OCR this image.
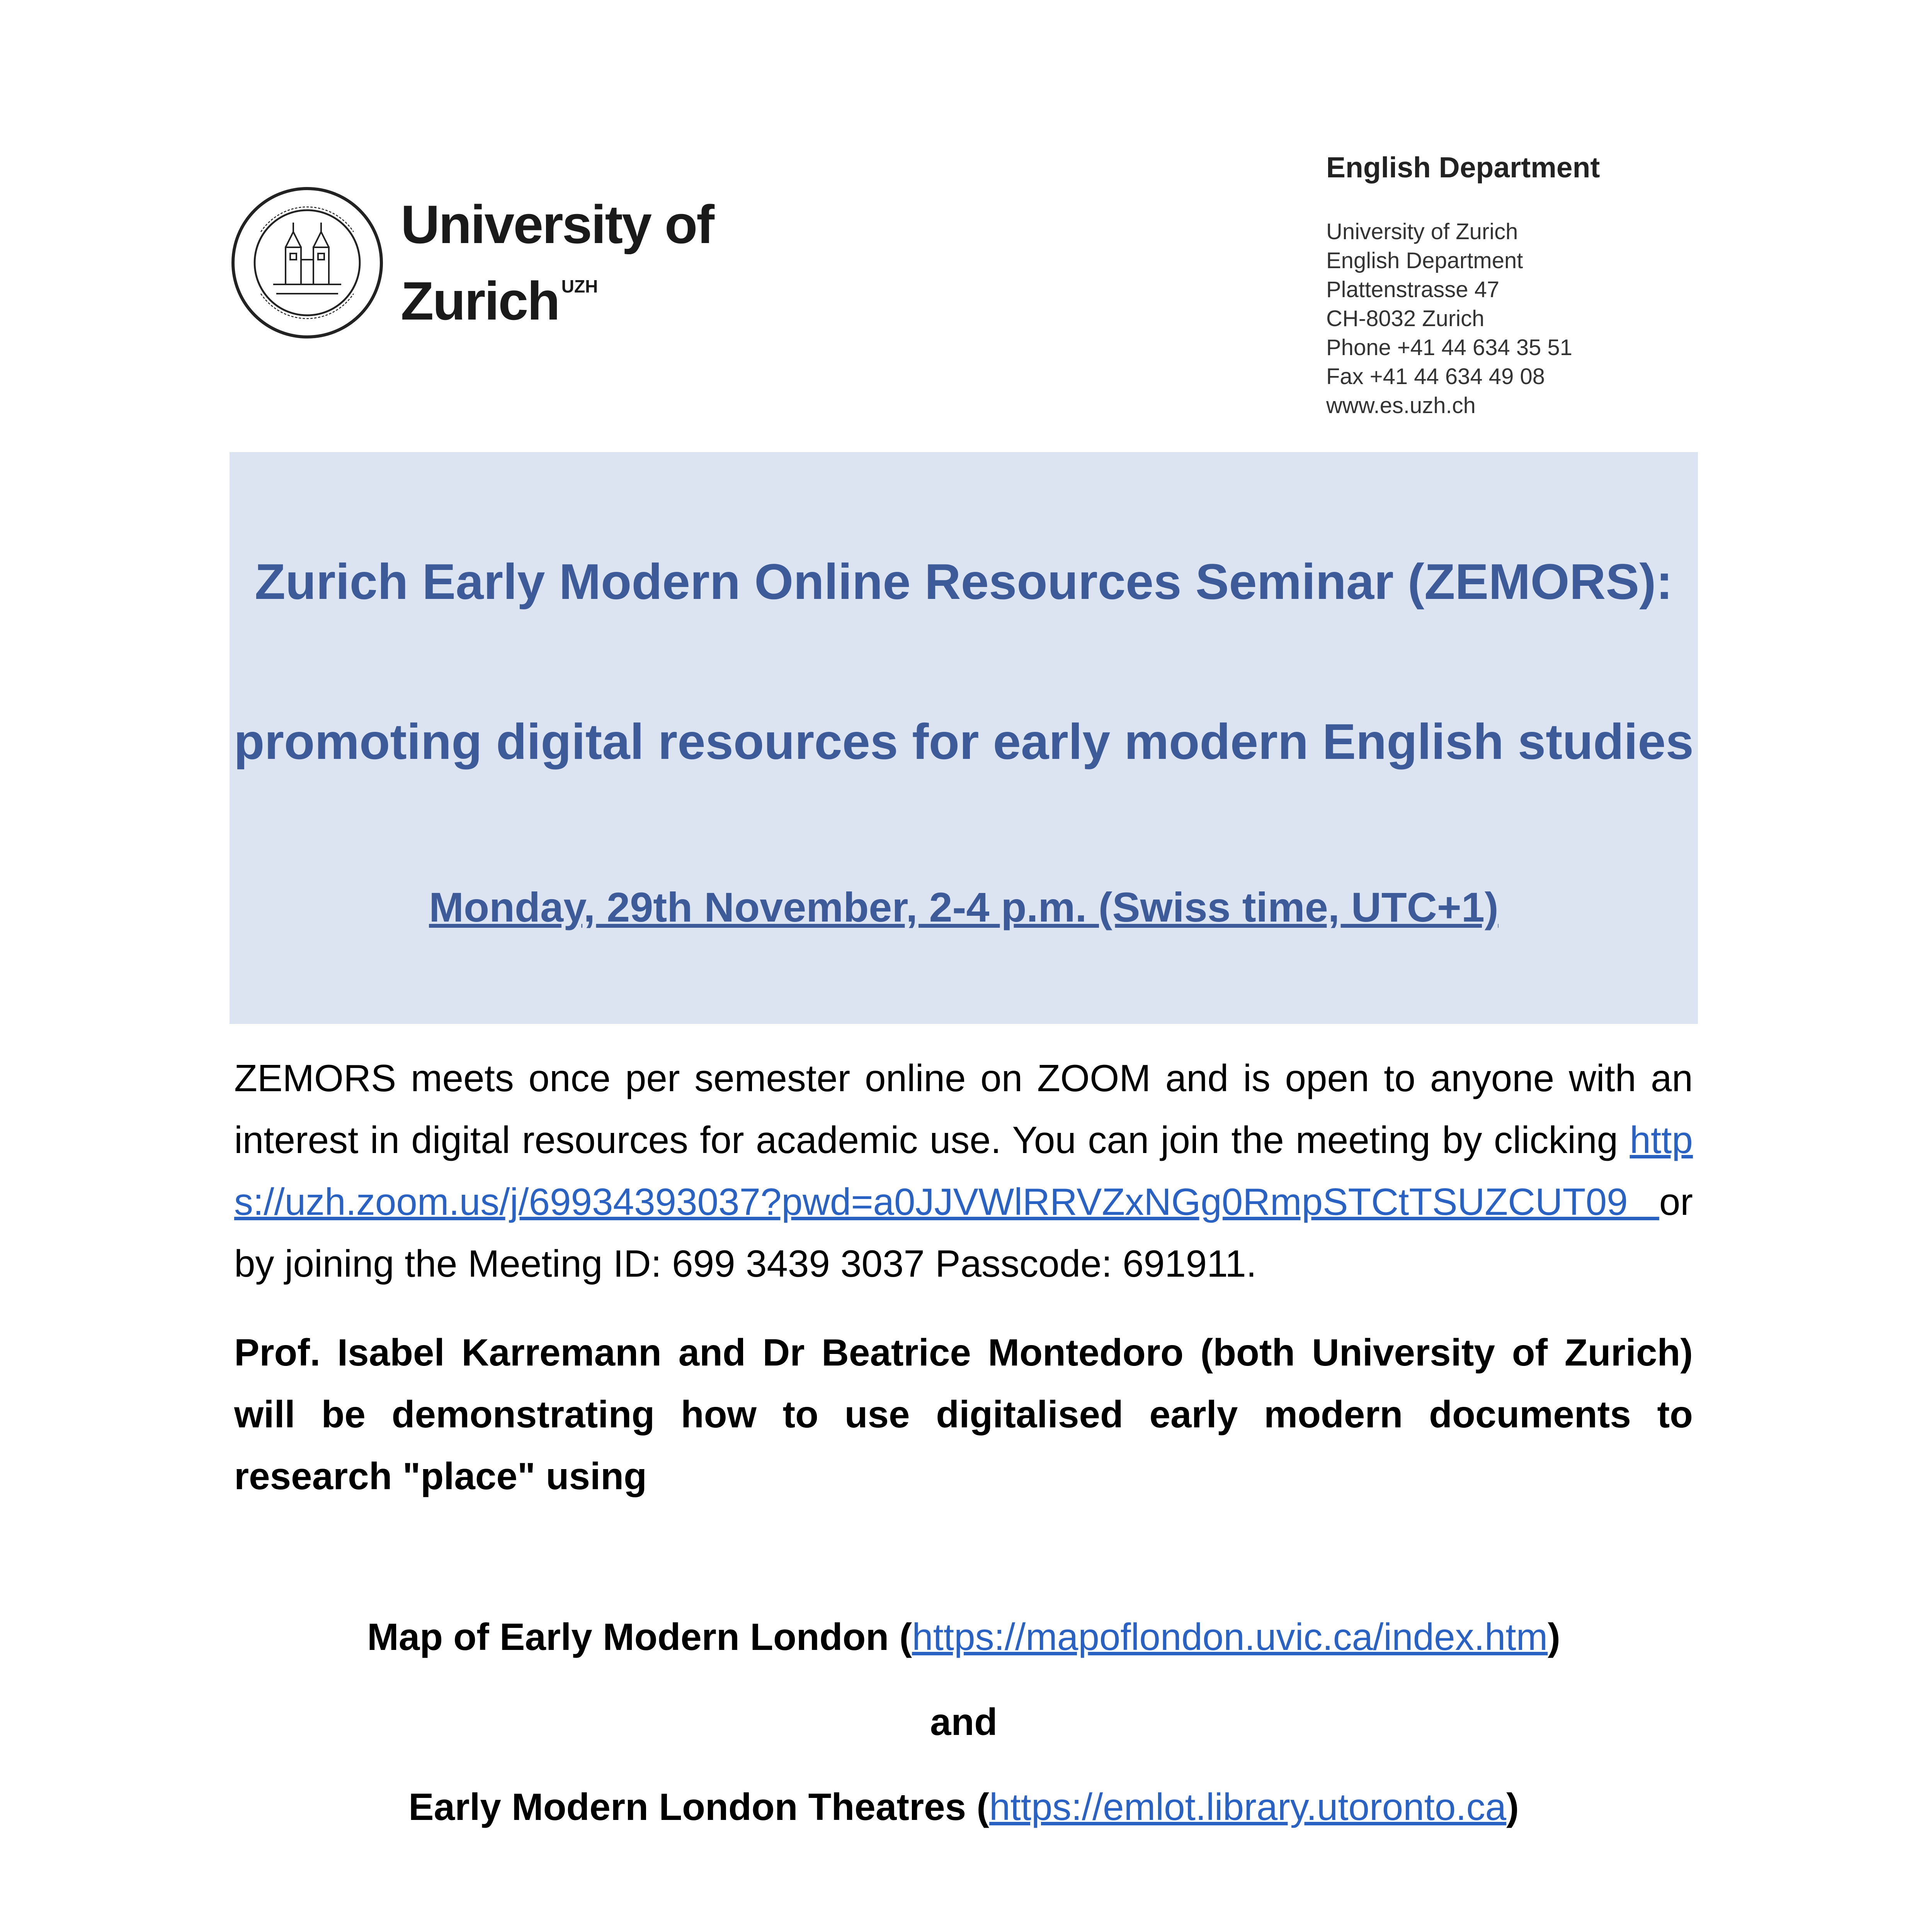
University of
Zurich $^{UZH}$
English Department
University of Zurich
English Department
Plattenstrasse 47
CH-8032 Zurich
Phone +41 44 634 35 51
Fax +41 44 634 49 08
www.es.uzh.ch
Zurich Early Modern Online Resources Seminar (ZEMORS):
promoting digital resources for early modern English studies
Monday, 29th November, 2-4 p.m. (Swiss time, UTC+1)
ZEMORS meets once per semester online on ZOOM and is open to anyone with an interest in digital resources for academic use. You can join the meeting by clicking https://uzh.zoom.us/j/69934393037?pwd=a0JJVWlRRVZxNGg0RmpSTCtTSUZCUT09 or by joining the Meeting ID: 699 3439 3037 Passcode: 691911.
Prof. Isabel Karremann and Dr Beatrice Montedoro (both University of Zurich) will be demonstrating how to use digitalised early modern documents to research "place" using
Map of Early Modern London (https://mapoflondon.uvic.ca/index.htm)
and
Early Modern London Theatres (https://emlot.library.utoronto.ca)
